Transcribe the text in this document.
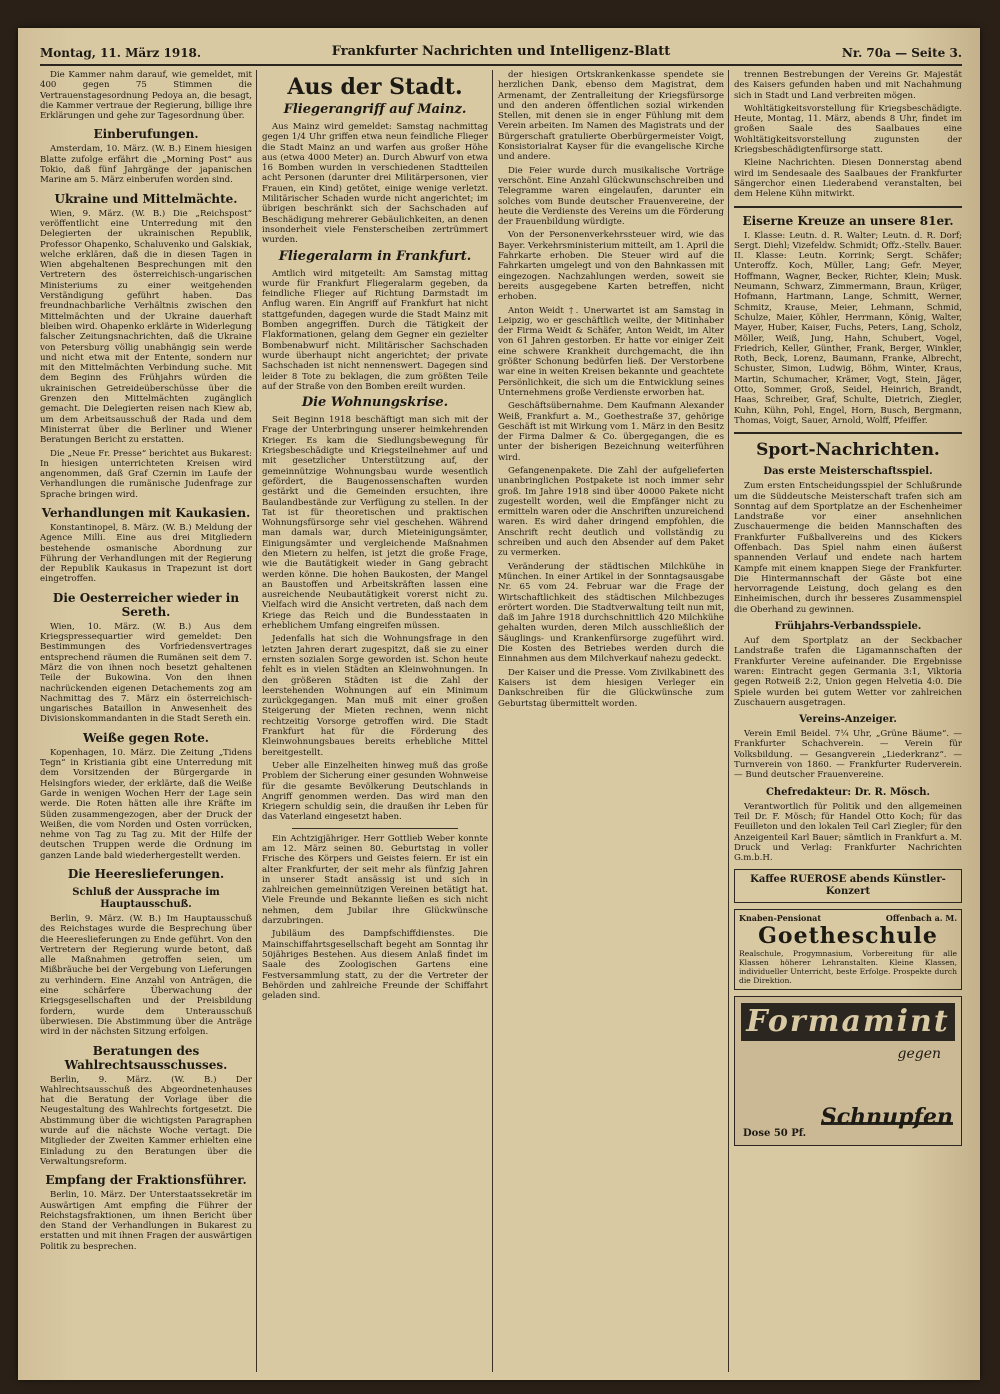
Montag, 11. März 1918.	Frankfurter Nachrichten und Intelligenz-Blatt	Nr. 70a — Seite 3.
Die Kammer nahm darauf, wie gemeldet, mit 400 gegen 75 Stimmen die Vertrauenstagesordnung Pedoya an, die besagt, die Kammer vertraue der Regierung, billige ihre Erklärungen und gehe zur Tagesordnung über.
Einberufungen.
Amsterdam, 10. März. (W. B.) Einem hiesigen Blatte zufolge erfährt die „Morning Post“ aus Tokio, daß fünf Jahrgänge der japanischen Marine am 5. März einberufen worden sind.
Ukraine und Mittelmächte.
Wien, 9. März. (W. B.) Die „Reichspost“ veröffentlicht eine Unterredung mit den Delegierten der ukrainischen Republik, Professor Ohapenko, Schaluvenko und Galskiak, welche erklären, daß die in diesen Tagen in Wien abgehaltenen Besprechungen mit den Vertretern des österreichisch-ungarischen Ministeriums zu einer weitgehenden Verständigung geführt haben. Das freundnachbarliche Verhältnis zwischen den Mittelmächten und der Ukraine dauerhaft bleiben wird. Ohapenko erklärte in Widerlegung falscher Zeitungsnachrichten, daß die Ukraine von Petersburg völlig unabhängig sein werde und nicht etwa mit der Entente, sondern nur mit den Mittelmächten Verbindung suche. Mit dem Beginn des Frühjahrs würden die ukrainischen Getreideüberschüsse über die Grenzen den Mittelmächten zugänglich gemacht. Die Delegierten reisen nach Kiew ab, um dem Arbeitsausschuß der Rada und dem Ministerrat über die Berliner und Wiener Beratungen Bericht zu erstatten.
Die „Neue Fr. Presse“ berichtet aus Bukarest: In hiesigen unterrichteten Kreisen wird angenommen, daß Graf Czernin im Laufe der Verhandlungen die rumänische Judenfrage zur Sprache bringen wird.
Verhandlungen mit Kaukasien.
Konstantinopel, 8. März. (W. B.) Meldung der Agence Milli. Eine aus drei Mitgliedern bestehende osmanische Abordnung zur Führung der Verhandlungen mit der Regierung der Republik Kaukasus in Trapezunt ist dort eingetroffen.
Die Oesterreicher wieder in Sereth.
Wien, 10. März. (W. B.) Aus dem Kriegspressequartier wird gemeldet: Den Bestimmungen des Vorfriedensvertrages entsprechend räumen die Rumänen seit dem 7. März die von ihnen noch besetzt gehaltenen Teile der Bukowina. Von den ihnen nachrückenden eigenen Detachements zog am Nachmittag des 7. März ein österreichisch-ungarisches Bataillon in Anwesenheit des Divisionskommandanten in die Stadt Sereth ein.
Weiße gegen Rote.
Kopenhagen, 10. März. Die Zeitung „Tidens Tegn“ in Kristiania gibt eine Unterredung mit dem Vorsitzenden der Bürgergarde in Helsingfors wieder, der erklärte, daß die Weiße Garde in wenigen Wochen Herr der Lage sein werde. Die Roten hätten alle ihre Kräfte im Süden zusammengezogen, aber der Druck der Weißen, die vom Norden und Osten vorrücken, nehme von Tag zu Tag zu. Mit der Hilfe der deutschen Truppen werde die Ordnung im ganzen Lande bald wiederhergestellt werden.
Die Heereslieferungen.
Schluß der Aussprache im Hauptausschuß.
Berlin, 9. März. (W. B.) Im Hauptausschuß des Reichstages wurde die Besprechung über die Heereslieferungen zu Ende geführt. Von den Vertretern der Regierung wurde betont, daß alle Maßnahmen getroffen seien, um Mißbräuche bei der Vergebung von Lieferungen zu verhindern. Eine Anzahl von Anträgen, die eine schärfere Überwachung der Kriegsgesellschaften und der Preisbildung fordern, wurde dem Unterausschuß überwiesen. Die Abstimmung über die Anträge wird in der nächsten Sitzung erfolgen.
Beratungen des Wahlrechtsausschusses.
Berlin, 9. März. (W. B.) Der Wahlrechtsausschuß des Abgeordnetenhauses hat die Beratung der Vorlage über die Neugestaltung des Wahlrechts fortgesetzt. Die Abstimmung über die wichtigsten Paragraphen wurde auf die nächste Woche vertagt. Die Mitglieder der Zweiten Kammer erhielten eine Einladung zu den Beratungen über die Verwaltungsreform.
Empfang der Fraktionsführer.
Berlin, 10. März. Der Unterstaatssekretär im Auswärtigen Amt empfing die Führer der Reichstagsfraktionen, um ihnen Bericht über den Stand der Verhandlungen in Bukarest zu erstatten und mit ihnen Fragen der auswärtigen Politik zu besprechen.
Aus der Stadt.
Fliegerangriff auf Mainz.
Aus Mainz wird gemeldet: Samstag nachmittag gegen 1/4 Uhr griffen etwa neun feindliche Flieger die Stadt Mainz an und warfen aus großer Höhe aus (etwa 4000 Meter) an. Durch Abwurf von etwa 16 Bomben wurden in verschiedenen Stadtteilen acht Personen (darunter drei Militärpersonen, vier Frauen, ein Kind) getötet, einige wenige verletzt. Militärischer Schaden wurde nicht angerichtet; im übrigen beschränkt sich der Sachschaden auf Beschädigung mehrerer Gebäulichkeiten, an denen insonderheit viele Fensterscheiben zertrümmert wurden.
Fliegeralarm in Frankfurt.
Amtlich wird mitgeteilt: Am Samstag mittag wurde für Frankfurt Fliegeralarm gegeben, da feindliche Flieger auf Richtung Darmstadt im Anflug waren. Ein Angriff auf Frankfurt hat nicht stattgefunden, dagegen wurde die Stadt Mainz mit Bomben angegriffen. Durch die Tätigkeit der Flakformationen, gelang dem Gegner ein gezielter Bombenabwurf nicht. Militärischer Sachschaden wurde überhaupt nicht angerichtet; der private Sachschaden ist nicht nennenswert. Dagegen sind leider 8 Tote zu beklagen, die zum größten Teile auf der Straße von den Bomben ereilt wurden.
Die Wohnungskrise.
Seit Beginn 1918 beschäftigt man sich mit der Frage der Unterbringung unserer heimkehrenden Krieger. Es kam die Siedlungsbewegung für Kriegsbeschädigte und Kriegsteilnehmer auf und mit gesetzlicher Unterstützung auf, der gemeinnützige Wohnungsbau wurde wesentlich gefördert, die Baugenossenschaften wurden gestärkt und die Gemeinden ersuchten, ihre Baulandbestände zur Verfügung zu stellen. In der Tat ist für theoretischen und praktischen Wohnungsfürsorge sehr viel geschehen. Während man damals war, durch Mieteinigungsämter, Einigungsämter und vergleichende Maßnahmen den Mietern zu helfen, ist jetzt die große Frage, wie die Bautätigkeit wieder in Gang gebracht werden könne. Die hohen Baukosten, der Mangel an Baustoffen und Arbeitskräften lassen eine ausreichende Neubautätigkeit vorerst nicht zu. Vielfach wird die Ansicht vertreten, daß nach dem Kriege das Reich und die Bundesstaaten in erheblichem Umfang eingreifen müssen.
Jedenfalls hat sich die Wohnungsfrage in den letzten Jahren derart zugespitzt, daß sie zu einer ernsten sozialen Sorge geworden ist. Schon heute fehlt es in vielen Städten an Kleinwohnungen. In den größeren Städten ist die Zahl der leerstehenden Wohnungen auf ein Minimum zurückgegangen. Man muß mit einer großen Steigerung der Mieten rechnen, wenn nicht rechtzeitig Vorsorge getroffen wird. Die Stadt Frankfurt hat für die Förderung des Kleinwohnungsbaues bereits erhebliche Mittel bereitgestellt.
Ueber alle Einzelheiten hinweg muß das große Problem der Sicherung einer gesunden Wohnweise für die gesamte Bevölkerung Deutschlands in Angriff genommen werden. Das wird man den Kriegern schuldig sein, die draußen ihr Leben für das Vaterland eingesetzt haben.
Ein Achtzigjähriger. Herr Gottlieb Weber konnte am 12. März seinen 80. Geburtstag in voller Frische des Körpers und Geistes feiern. Er ist ein alter Frankfurter, der seit mehr als fünfzig Jahren in unserer Stadt ansässig ist und sich in zahlreichen gemeinnützigen Vereinen betätigt hat. Viele Freunde und Bekannte ließen es sich nicht nehmen, dem Jubilar ihre Glückwünsche darzubringen.
Jubiläum des Dampfschiffdienstes. Die Mainschiffahrtsgesellschaft begeht am Sonntag ihr 50jähriges Bestehen. Aus diesem Anlaß findet im Saale des Zoologischen Gartens eine Festversammlung statt, zu der die Vertreter der Behörden und zahlreiche Freunde der Schiffahrt geladen sind.
der hiesigen Ortskrankenkasse spendete sie herzlichen Dank, ebenso dem Magistrat, dem Armenamt, der Zentralleitung der Kriegsfürsorge und den anderen öffentlichen sozial wirkenden Stellen, mit denen sie in enger Fühlung mit dem Verein arbeiten. Im Namen des Magistrats und der Bürgerschaft gratulierte Oberbürgermeister Voigt, Konsistorialrat Kayser für die evangelische Kirche und andere.
Die Feier wurde durch musikalische Vorträge verschönt. Eine Anzahl Glückwunschschreiben und Telegramme waren eingelaufen, darunter ein solches vom Bunde deutscher Frauenvereine, der heute die Verdienste des Vereins um die Förderung der Frauenbildung würdigte.
Von der Personenverkehrssteuer wird, wie das Bayer. Verkehrsministerium mitteilt, am 1. April die Fahrkarte erhoben. Die Steuer wird auf die Fahrkarten umgelegt und von den Bahnkassen mit eingezogen. Nachzahlungen werden, soweit sie bereits ausgegebene Karten betreffen, nicht erhoben.
Anton Weidt †. Unerwartet ist am Samstag in Leipzig, wo er geschäftlich weilte, der Mitinhaber der Firma Weidt & Schäfer, Anton Weidt, im Alter von 61 Jahren gestorben. Er hatte vor einiger Zeit eine schwere Krankheit durchgemacht, die ihn größter Schonung bedürfen ließ. Der Verstorbene war eine in weiten Kreisen bekannte und geachtete Persönlichkeit, die sich um die Entwicklung seines Unternehmens große Verdienste erworben hat.
Geschäftsübernahme. Dem Kaufmann Alexander Weiß, Frankfurt a. M., Goethestraße 37, gehörige Geschäft ist mit Wirkung vom 1. März in den Besitz der Firma Dalmer & Co. übergegangen, die es unter der bisherigen Bezeichnung weiterführen wird.
Gefangenenpakete. Die Zahl der aufgelieferten unanbringlichen Postpakete ist noch immer sehr groß. Im Jahre 1918 sind über 40000 Pakete nicht zugestellt worden, weil die Empfänger nicht zu ermitteln waren oder die Anschriften unzureichend waren. Es wird daher dringend empfohlen, die Anschrift recht deutlich und vollständig zu schreiben und auch den Absender auf dem Paket zu vermerken.
Veränderung der städtischen Milchkühe in München. In einer Artikel in der Sonntagsausgabe Nr. 65 vom 24. Februar war die Frage der Wirtschaftlichkeit des städtischen Milchbezuges erörtert worden. Die Stadtverwaltung teilt nun mit, daß im Jahre 1918 durchschnittlich 420 Milchkühe gehalten wurden, deren Milch ausschließlich der Säuglings- und Krankenfürsorge zugeführt wird. Die Kosten des Betriebes werden durch die Einnahmen aus dem Milchverkauf nahezu gedeckt.
Der Kaiser und die Presse. Vom Zivilkabinett des Kaisers ist dem hiesigen Verleger ein Dankschreiben für die Glückwünsche zum Geburtstag übermittelt worden.
trennen Bestrebungen der Vereins Gr. Majestät des Kaisers gefunden haben und mit Nachahmung sich in Stadt und Land verbreiten mögen.
Wohltätigkeitsvorstellung für Kriegsbeschädigte. Heute, Montag, 11. März, abends 8 Uhr, findet im großen Saale des Saalbaues eine Wohltätigkeitsvorstellung zugunsten der Kriegsbeschädigtenfürsorge statt.
Kleine Nachrichten. Diesen Donnerstag abend wird im Sendesaale des Saalbaues der Frankfurter Sängerchor einen Liederabend veranstalten, bei dem Helene Kühn mitwirkt.
Eiserne Kreuze an unsere 81er.
I. Klasse: Leutn. d. R. Walter; Leutn. d. R. Dorf; Sergt. Diehl; Vizefeldw. Schmidt; Offz.-Stellv. Bauer. II. Klasse: Leutn. Korrink; Sergt. Schäfer; Unteroffz. Koch, Müller, Lang; Gefr. Meyer, Hoffmann, Wagner, Becker, Richter, Klein; Musk. Neumann, Schwarz, Zimmermann, Braun, Krüger, Hofmann, Hartmann, Lange, Schmitt, Werner, Schmitz, Krause, Meier, Lehmann, Schmid, Schulze, Maier, Köhler, Herrmann, König, Walter, Mayer, Huber, Kaiser, Fuchs, Peters, Lang, Scholz, Möller, Weiß, Jung, Hahn, Schubert, Vogel, Friedrich, Keller, Günther, Frank, Berger, Winkler, Roth, Beck, Lorenz, Baumann, Franke, Albrecht, Schuster, Simon, Ludwig, Böhm, Winter, Kraus, Martin, Schumacher, Krämer, Vogt, Stein, Jäger, Otto, Sommer, Groß, Seidel, Heinrich, Brandt, Haas, Schreiber, Graf, Schulte, Dietrich, Ziegler, Kuhn, Kühn, Pohl, Engel, Horn, Busch, Bergmann, Thomas, Voigt, Sauer, Arnold, Wolff, Pfeiffer.
Sport-Nachrichten.
Das erste Meisterschaftsspiel.
Zum ersten Entscheidungsspiel der Schlußrunde um die Süddeutsche Meisterschaft trafen sich am Sonntag auf dem Sportplatze an der Eschenheimer Landstraße vor einer ansehnlichen Zuschauermenge die beiden Mannschaften des Frankfurter Fußballvereins und des Kickers Offenbach. Das Spiel nahm einen äußerst spannenden Verlauf und endete nach hartem Kampfe mit einem knappen Siege der Frankfurter. Die Hintermannschaft der Gäste bot eine hervorragende Leistung, doch gelang es den Einheimischen, durch ihr besseres Zusammenspiel die Oberhand zu gewinnen.
Frühjahrs-Verbandsspiele.
Auf dem Sportplatz an der Seckbacher Landstraße trafen die Ligamannschaften der Frankfurter Vereine aufeinander. Die Ergebnisse waren: Eintracht gegen Germania 3:1, Viktoria gegen Rotweiß 2:2, Union gegen Helvetia 4:0. Die Spiele wurden bei gutem Wetter vor zahlreichen Zuschauern ausgetragen.
Vereins-Anzeiger.
Verein Emil Beidel. 7¼ Uhr, „Grüne Bäume“. — Frankfurter Schachverein. — Verein für Volksbildung. — Gesangverein „Liederkranz“. — Turnverein von 1860. — Frankfurter Ruderverein. — Bund deutscher Frauenvereine.
Chefredakteur: Dr. R. Mösch.
Verantwortlich für Politik und den allgemeinen Teil Dr. F. Mösch; für Handel Otto Koch; für das Feuilleton und den lokalen Teil Carl Ziegler; für den Anzeigenteil Karl Bauer; sämtlich in Frankfurt a. M. Druck und Verlag: Frankfurter Nachrichten G.m.b.H.
Kaffee RUEROSE abends Künstler-Konzert
Knaben-Pensionat	Offenbach a. M.
Goetheschule
Realschule, Progymnasium, Vorbereitung für alle Klassen höherer Lehranstalten. Kleine Klassen, individueller Unterricht, beste Erfolge. Prospekte durch die Direktion.
Formamint
gegen
Schnupfen
Dose 50 Pf.
